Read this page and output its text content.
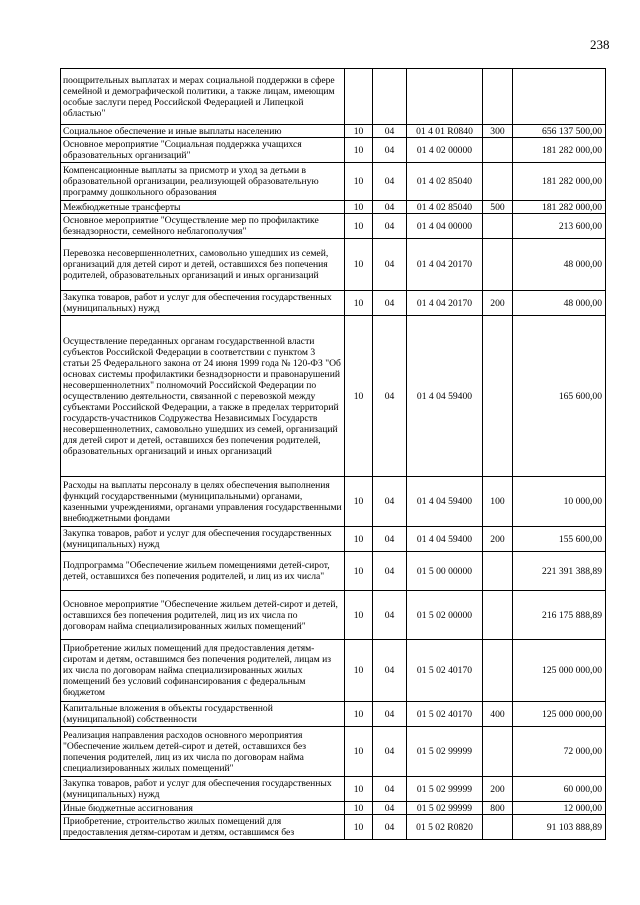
238
поощрительных выплатах и мерах социальной поддержки в сфере семейной и демографической политики, а также лицам, имеющим особые заслуги перед Российской Федерацией и Липецкой областью"					
Социальное обеспечение и иные выплаты населению	10	04	01 4 01 R0840	300	656 137 500,00
Основное мероприятие "Социальная поддержка учащихся образовательных организаций"	10	04	01 4 02 00000		181 282 000,00
Компенсационные выплаты за присмотр и уход за детьми в образовательной организации, реализующей образовательную программу дошкольного образования	10	04	01 4 02 85040		181 282 000,00
Межбюджетные трансферты	10	04	01 4 02 85040	500	181 282 000,00
Основное мероприятие "Осуществление мер по профилактике безнадзорности, семейного неблагополучия"	10	04	01 4 04 00000		213 600,00
Перевозка несовершеннолетних, самовольно ушедших из семей, организаций для детей сирот и детей, оставшихся без попечения родителей, образовательных организаций и иных организаций	10	04	01 4 04 20170		48 000,00
Закупка товаров, работ и услуг для обеспечения государственных (муниципальных) нужд	10	04	01 4 04 20170	200	48 000,00
Осуществление переданных органам государственной власти субъектов Российской Федерации в соответствии с пунктом 3 статьи 25 Федерального закона от 24 июня 1999 года № 120-ФЗ "Об основах системы профилактики безнадзорности и правонарушений несовершеннолетних" полномочий Российской Федерации по осуществлению деятельности, связанной с перевозкой между субъектами Российской Федерации, а также в пределах территорий государств-участников Содружества Независимых Государств несовершеннолетних, самовольно ушедших из семей, организаций для детей сирот и детей, оставшихся без попечения родителей, образовательных организаций и иных организаций	10	04	01 4 04 59400		165 600,00
Расходы на выплаты персоналу в целях обеспечения выполнения функций государственными (муниципальными) органами, казенными учреждениями, органами управления государственными внебюджетными фондами	10	04	01 4 04 59400	100	10 000,00
Закупка товаров, работ и услуг для обеспечения государственных (муниципальных) нужд	10	04	01 4 04 59400	200	155 600,00
Подпрограмма "Обеспечение жильем помещениями детей-сирот, детей, оставшихся без попечения родителей, и лиц из их числа"	10	04	01 5 00 00000		221 391 388,89
Основное мероприятие "Обеспечение жильем детей-сирот и детей, оставшихся без попечения родителей, лиц из их числа по договорам найма специализированных жилых помещений"	10	04	01 5 02 00000		216 175 888,89
Приобретение жилых помещений для предоставления детям-сиротам и детям, оставшимся без попечения родителей, лицам из их числа по договорам найма специализированных жилых помещений без условий софинансирования с федеральным бюджетом	10	04	01 5 02 40170		125 000 000,00
Капитальные вложения в объекты государственной (муниципальной) собственности	10	04	01 5 02 40170	400	125 000 000,00
Реализация направления расходов основного мероприятия "Обеспечение жильем детей-сирот и детей, оставшихся без попечения родителей, лиц из их числа по договорам найма специализированных жилых помещений"	10	04	01 5 02 99999		72 000,00
Закупка товаров, работ и услуг для обеспечения государственных (муниципальных) нужд	10	04	01 5 02 99999	200	60 000,00
Иные бюджетные ассигнования	10	04	01 5 02 99999	800	12 000,00
Приобретение, строительство жилых помещений для предоставления детям-сиротам и детям, оставшимся без	10	04	01 5 02 R0820		91 103 888,89
